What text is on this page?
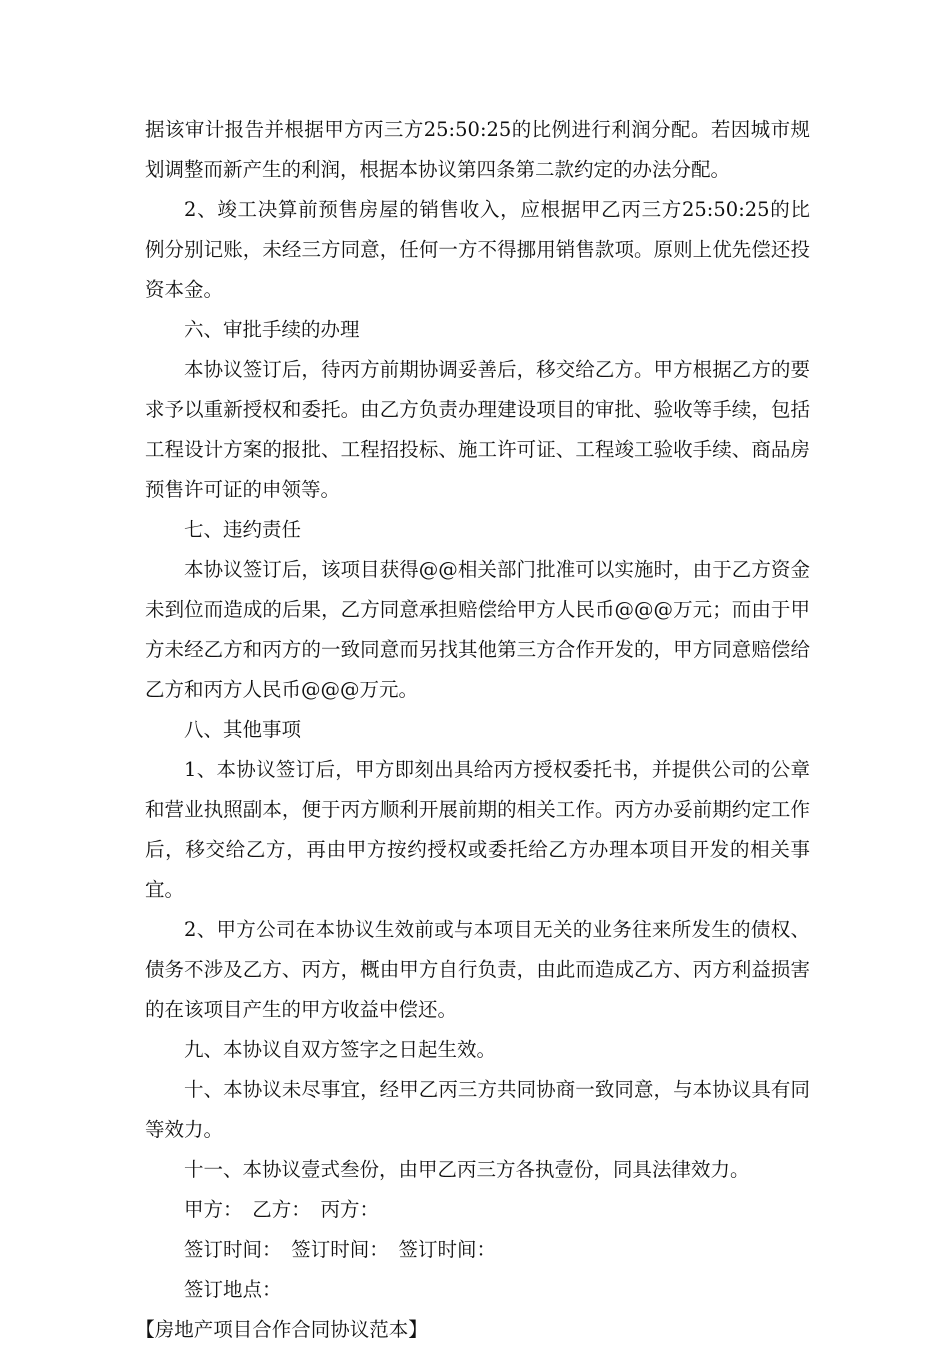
据该审计报告并根据甲方丙三方25:50:25的比例进行利润分配。若因城市规划调整而新产生的利润，根据本协议第四条第二款约定的办法分配。

2、竣工决算前预售房屋的销售收入，应根据甲乙丙三方25:50:25的比例分别记账，未经三方同意，任何一方不得挪用销售款项。原则上优先偿还投资本金。

六、审批手续的办理

本协议签订后，待丙方前期协调妥善后，移交给乙方。甲方根据乙方的要求予以重新授权和委托。由乙方负责办理建设项目的审批、验收等手续，包括工程设计方案的报批、工程招投标、施工许可证、工程竣工验收手续、商品房预售许可证的申领等。

七、违约责任

本协议签订后，该项目获得@@相关部门批准可以实施时，由于乙方资金未到位而造成的后果，乙方同意承担赔偿给甲方人民币@@@万元；而由于甲方未经乙方和丙方的一致同意而另找其他第三方合作开发的，甲方同意赔偿给乙方和丙方人民币@@@万元。

八、其他事项

1、本协议签订后，甲方即刻出具给丙方授权委托书，并提供公司的公章和营业执照副本，便于丙方顺利开展前期的相关工作。丙方办妥前期约定工作后，移交给乙方，再由甲方按约授权或委托给乙方办理本项目开发的相关事宜。

2、甲方公司在本协议生效前或与本项目无关的业务往来所发生的债权、债务不涉及乙方、丙方，概由甲方自行负责，由此而造成乙方、丙方利益损害的在该项目产生的甲方收益中偿还。

九、本协议自双方签字之日起生效。

十、本协议未尽事宜，经甲乙丙三方共同协商一致同意，与本协议具有同等效力。

十一、本协议壹式叁份，由甲乙丙三方各执壹份，同具法律效力。

甲方：　乙方：　丙方：

签订时间：　签订时间：　签订时间：

签订地点：

【房地产项目合作合同协议范本】
